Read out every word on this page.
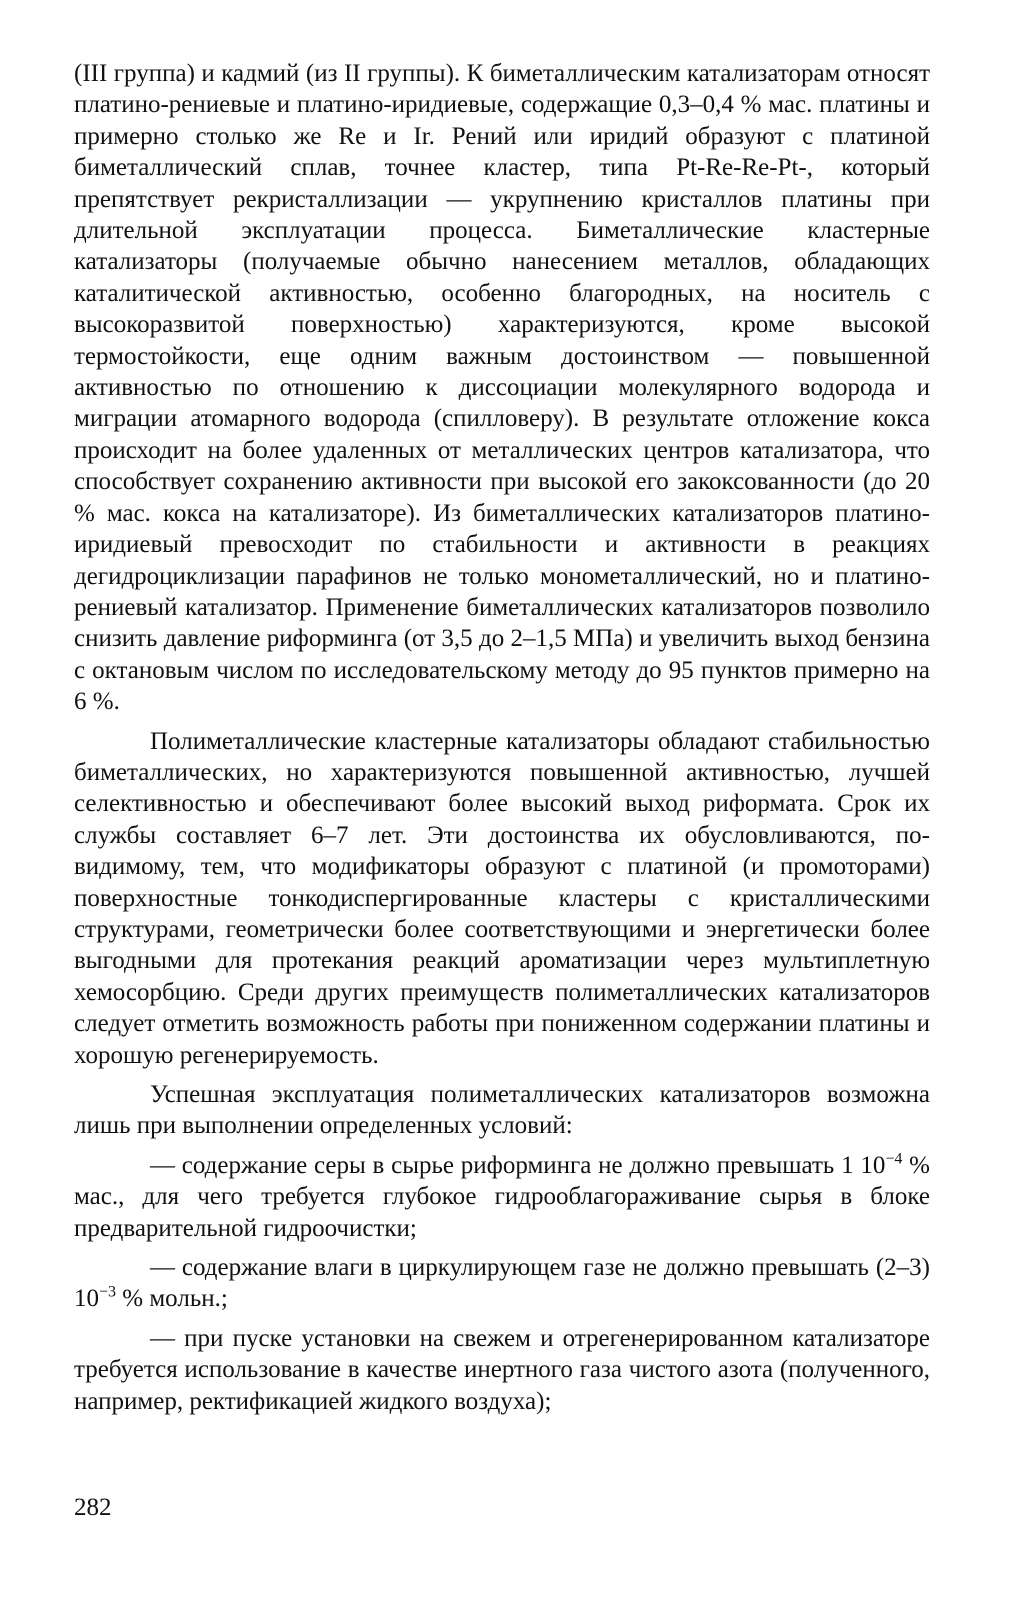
(III группа) и кадмий (из II группы). К биметаллическим катализаторам относят платино-рениевые и платино-иридиевые, содержащие 0,3–0,4 % мас. платины и примерно столько же Re и Ir. Рений или иридий образуют с платиной биметаллический сплав, точнее кластер, типа Pt-Re-Re-Pt-, который препятствует рекристаллизации — укрупнению кристаллов платины при длительной эксплуатации процесса. Биметаллические кластерные катализаторы (получаемые обычно нанесением металлов, обладающих каталитической активностью, особенно благородных, на носитель с высокоразвитой поверхностью) характеризуются, кроме высокой термостойкости, еще одним важным достоинством — повышенной активностью по отношению к диссоциации молекулярного водорода и миграции атомарного водорода (спилловеру). В результате отложение кокса происходит на более удаленных от металлических центров катализатора, что способствует сохранению активности при высокой его закоксованности (до 20 % мас. кокса на катализаторе). Из биметаллических катализаторов платино-иридиевый превосходит по стабильности и активности в реакциях дегидроциклизации парафинов не только монометаллический, но и платино-рениевый катализатор. Применение биметаллических катализаторов позволило снизить давление риформинга (от 3,5 до 2–1,5 МПа) и увеличить выход бензина с октановым числом по исследовательскому методу до 95 пунктов примерно на 6 %.

Полиметаллические кластерные катализаторы обладают стабильностью биметаллических, но характеризуются повышенной активностью, лучшей селективностью и обеспечивают более высокий выход риформата. Срок их службы составляет 6–7 лет. Эти достоинства их обусловливаются, по-видимому, тем, что модификаторы образуют с платиной (и промоторами) поверхностные тонкодиспергированные кластеры с кристаллическими структурами, геометрически более соответствующими и энергетически более выгодными для протекания реакций ароматизации через мультиплетную хемосорбцию. Среди других преимуществ полиметаллических катализаторов следует отметить возможность работы при пониженном содержании платины и хорошую регенерируемость.

Успешная эксплуатация полиметаллических катализаторов возможна лишь при выполнении определенных условий:

— содержание серы в сырье риформинга не должно превышать 1 $10^{-4}$ % мас., для чего требуется глубокое гидрооблагораживание сырья в блоке предварительной гидроочистки;

— содержание влаги в циркулирующем газе не должно превышать (2–3) $10^{-3}$ % мольн.;

— при пуске установки на свежем и отрегенерированном катализаторе требуется использование в качестве инертного газа чистого азота (полученного, например, ректификацией жидкого воздуха);

282
